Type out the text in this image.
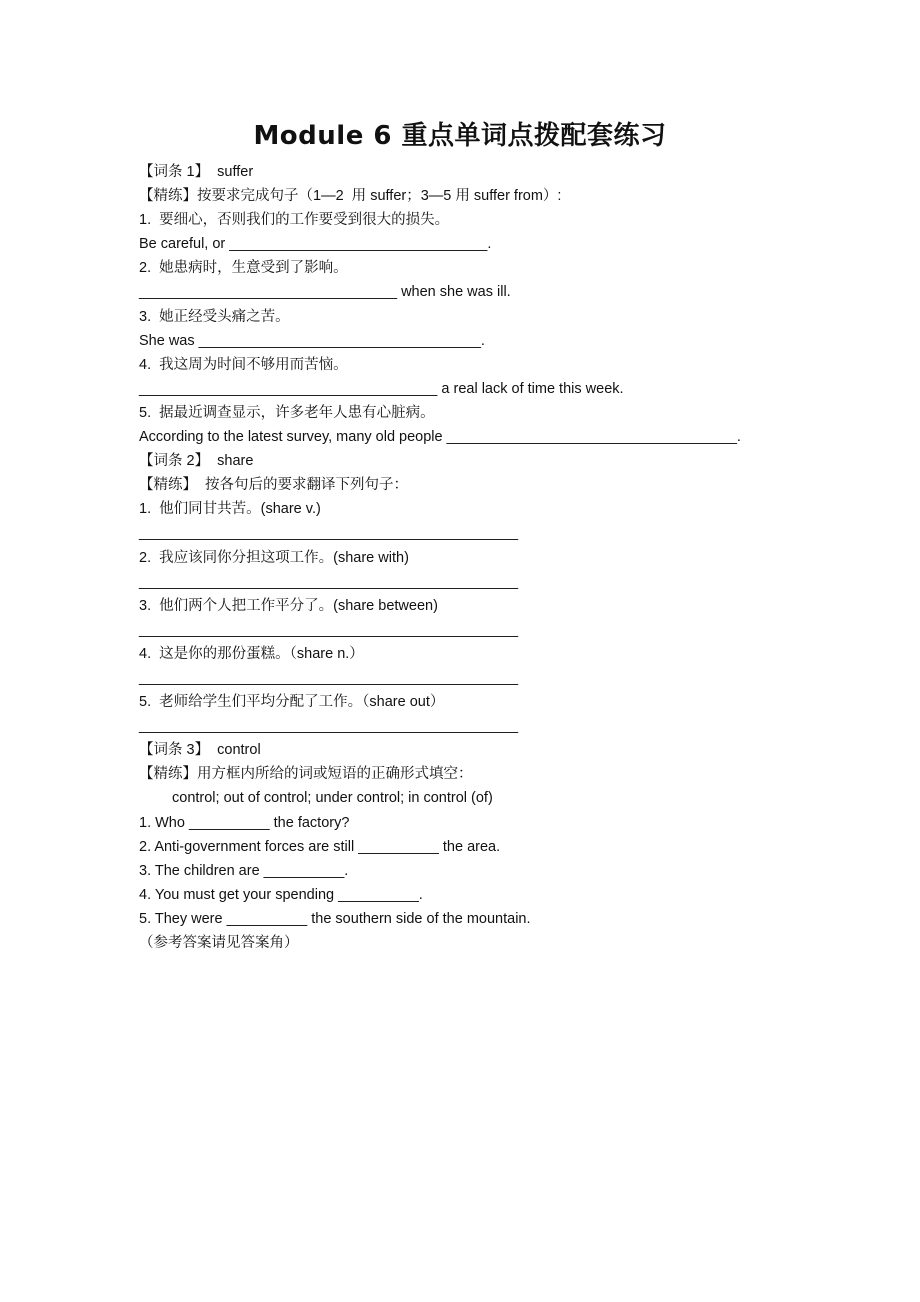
Module 6 重点单词点拨配套练习
【词条 1】  suffer
【精练】按要求完成句子（1—2  用 suffer；3—5 用 suffer from）:
1.  要细心，否则我们的工作要受到很大的损失。
Be careful, or ________________________________.
2.  她患病时，生意受到了影响。
________________________________ when she was ill.
3.  她正经受头痛之苦。
She was ___________________________________.
4.  我这周为时间不够用而苦恼。
_____________________________________ a real lack of time this week.
5.  据最近调查显示，许多老年人患有心脏病。
According to the latest survey, many old people ____________________________________.
【词条 2】  share
【精练】  按各句后的要求翻译下列句子：
1.  他们同甘共苦。(share v.)
_______________________________________________
2.  我应该同你分担这项工作。(share with)
_______________________________________________
3.  他们两个人把工作平分了。(share between)
_______________________________________________
4.  这是你的那份蛋糕。（share n.）
_______________________________________________
5.  老师给学生们平均分配了工作。（share out）
_______________________________________________
【词条 3】  control
【精练】用方框内所给的词或短语的正确形式填空：
control; out of control; under control; in control (of)
1. Who __________ the factory?
2. Anti-government forces are still __________ the area.
3. The children are __________.
4. You must get your spending __________.
5. They were __________ the southern side of the mountain.
（参考答案请见答案角）
